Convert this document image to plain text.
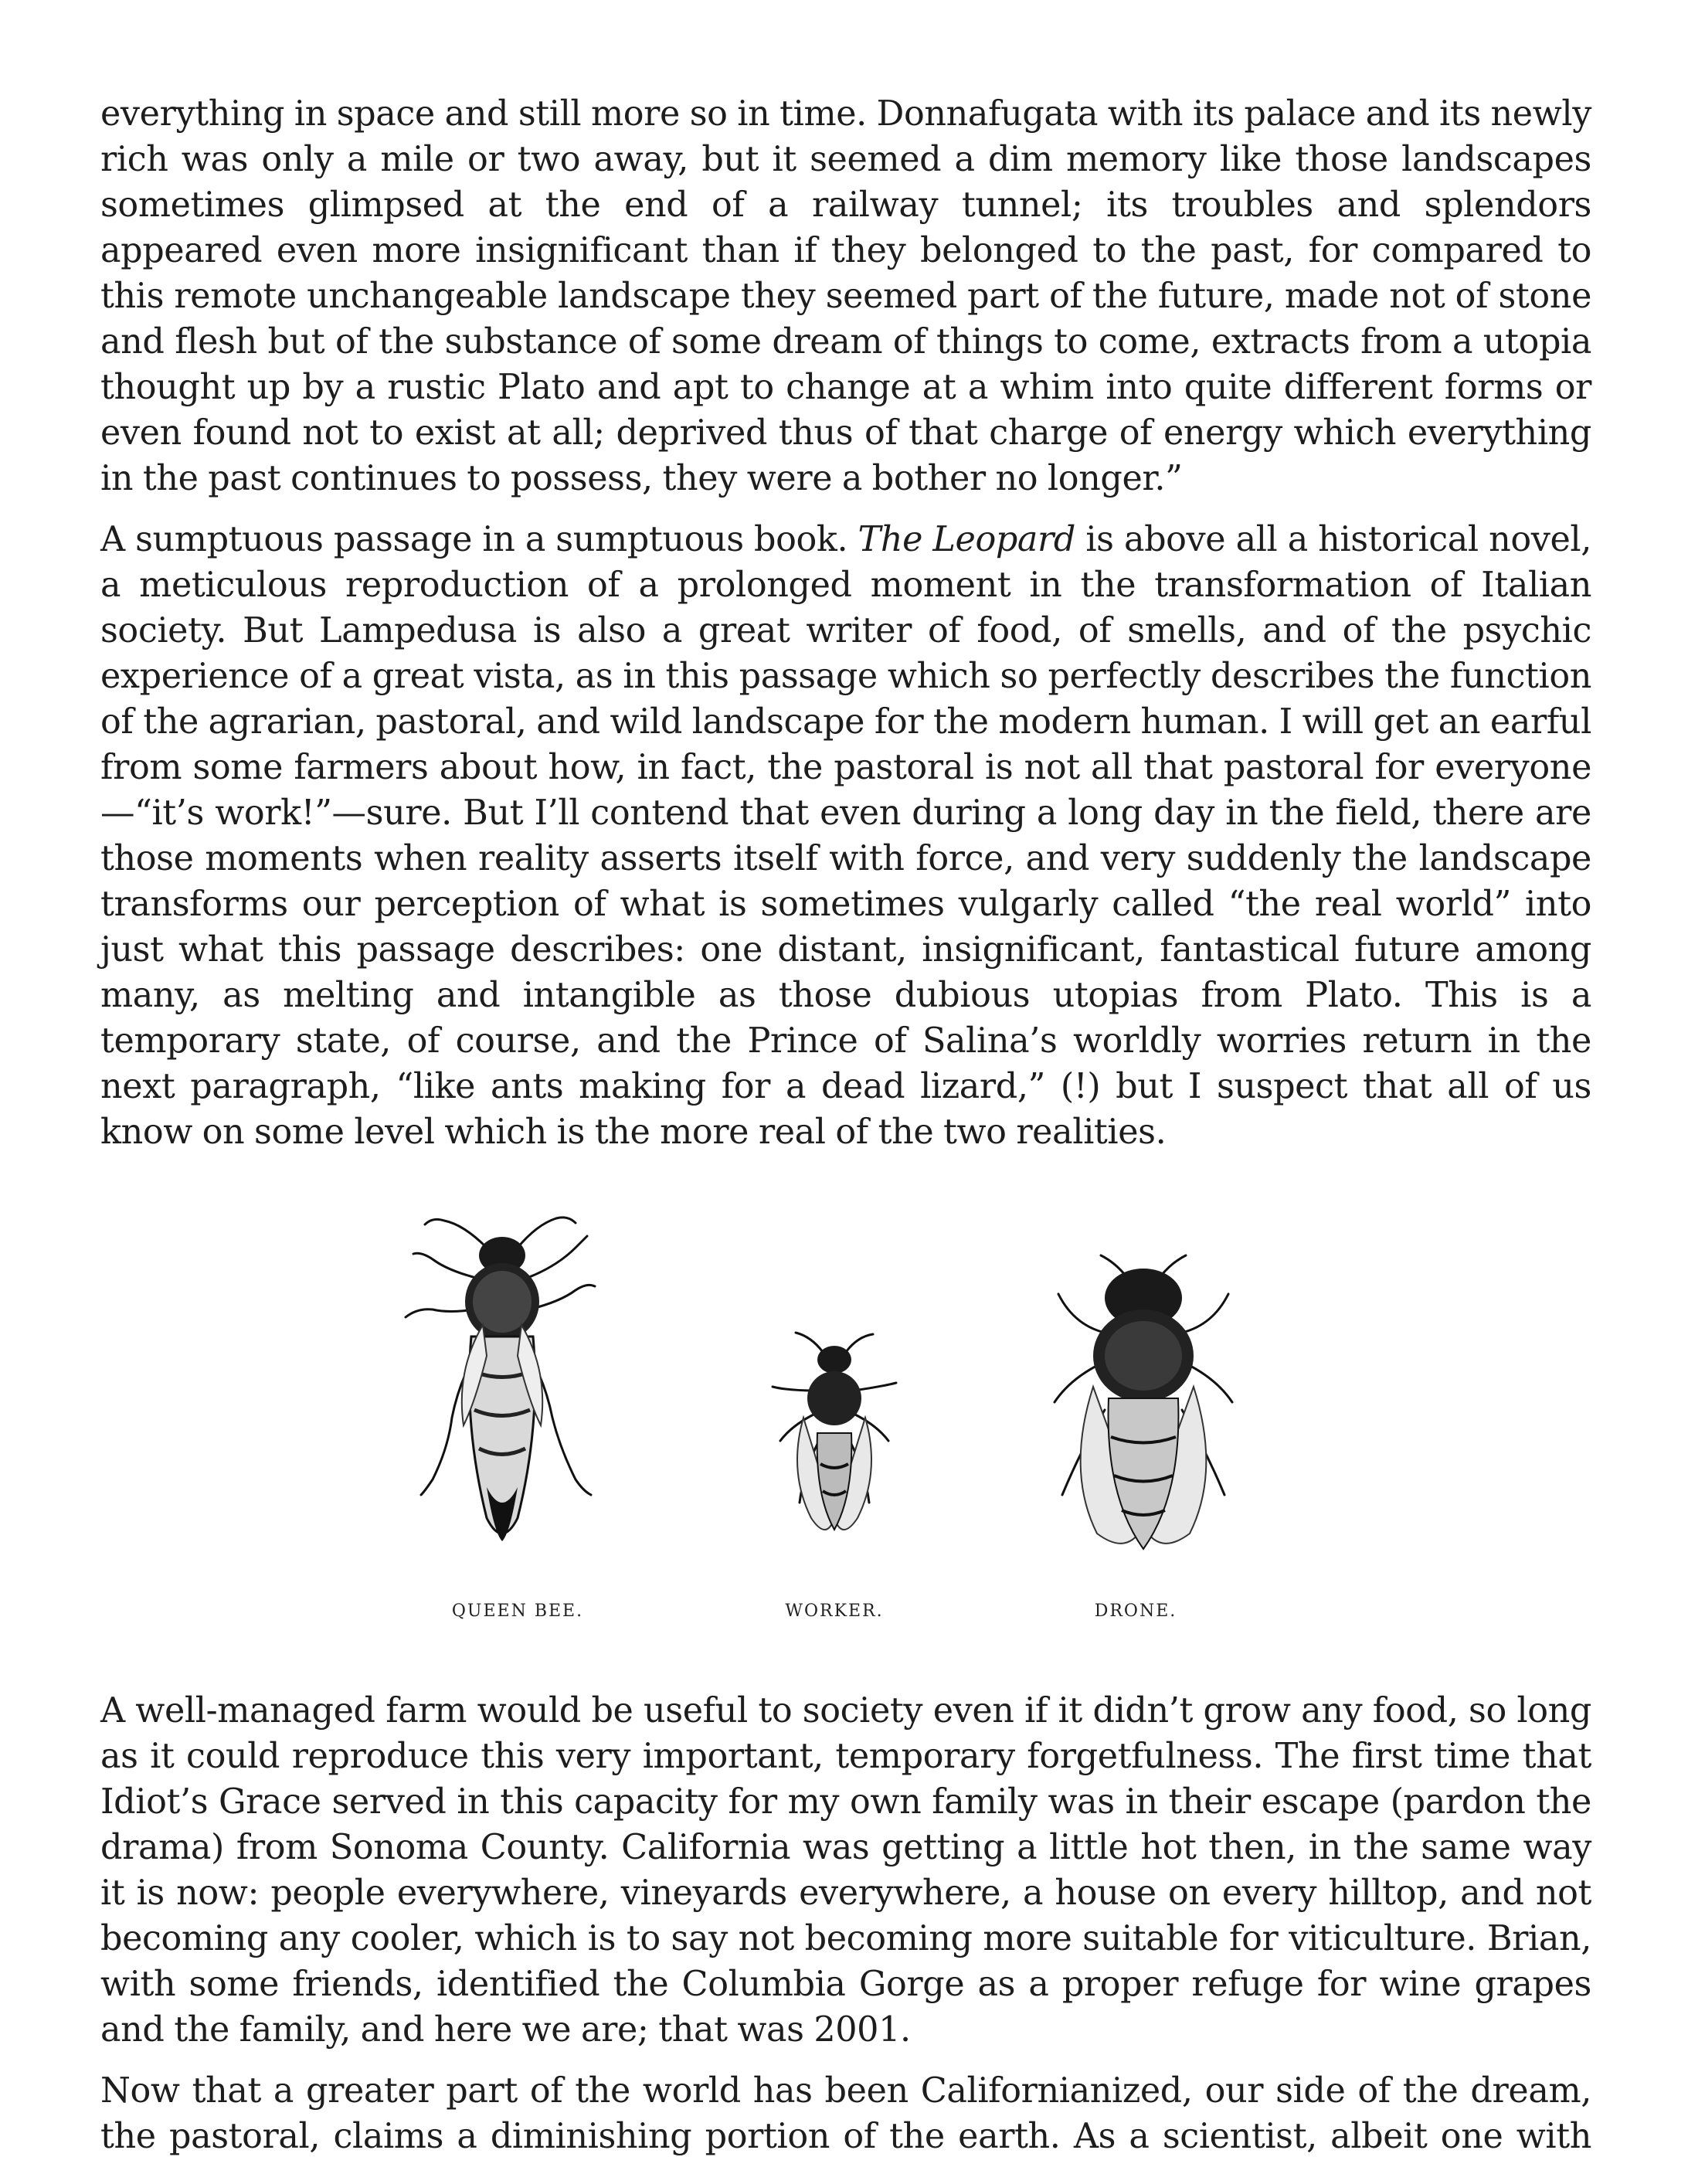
everything in space and still more so in time. Donnafugata with its palace and its newly rich was only a mile or two away, but it seemed a dim memory like those landscapes sometimes glimpsed at the end of a railway tunnel; its troubles and splendors appeared even more insignificant than if they belonged to the past, for compared to this remote unchangeable landscape they seemed part of the future, made not of stone and flesh but of the substance of some dream of things to come, extracts from a utopia thought up by a rustic Plato and apt to change at a whim into quite different forms or even found not to exist at all; deprived thus of that charge of energy which everything in the past continues to possess, they were a bother no longer.”

A sumptuous passage in a sumptuous book. The Leopard is above all a historical novel, a meticulous reproduction of a prolonged moment in the transformation of Italian society. But Lampedusa is also a great writer of food, of smells, and of the psychic experience of a great vista, as in this passage which so perfectly describes the function of the agrarian, pastoral, and wild landscape for the modern human. I will get an earful from some farmers about how, in fact, the pastoral is not all that pastoral for everyone—“it’s work!”—sure. But I’ll contend that even during a long day in the field, there are those moments when reality asserts itself with force, and very suddenly the landscape transforms our perception of what is sometimes vulgarly called “the real world” into just what this passage describes: one distant, insignificant, fantastical future among many, as melting and intangible as those dubious utopias from Plato. This is a temporary state, of course, and the Prince of Salina’s worldly worries return in the next paragraph, “like ants making for a dead lizard,” (!) but I suspect that all of us know on some level which is the more real of the two realities.

QUEEN BEE.	WORKER.	DRONE.

A well-managed farm would be useful to society even if it didn’t grow any food, so long as it could reproduce this very important, temporary forgetfulness. The first time that Idiot’s Grace served in this capacity for my own family was in their escape (pardon the drama) from Sonoma County. California was getting a little hot then, in the same way it is now: people everywhere, vineyards everywhere, a house on every hilltop, and not becoming any cooler, which is to say not becoming more suitable for viticulture. Brian, with some friends, identified the Columbia Gorge as a proper refuge for wine grapes and the family, and here we are; that was 2001.

Now that a greater part of the world has been Californianized, our side of the dream, the pastoral, claims a diminishing portion of the earth. As a scientist, albeit one with
